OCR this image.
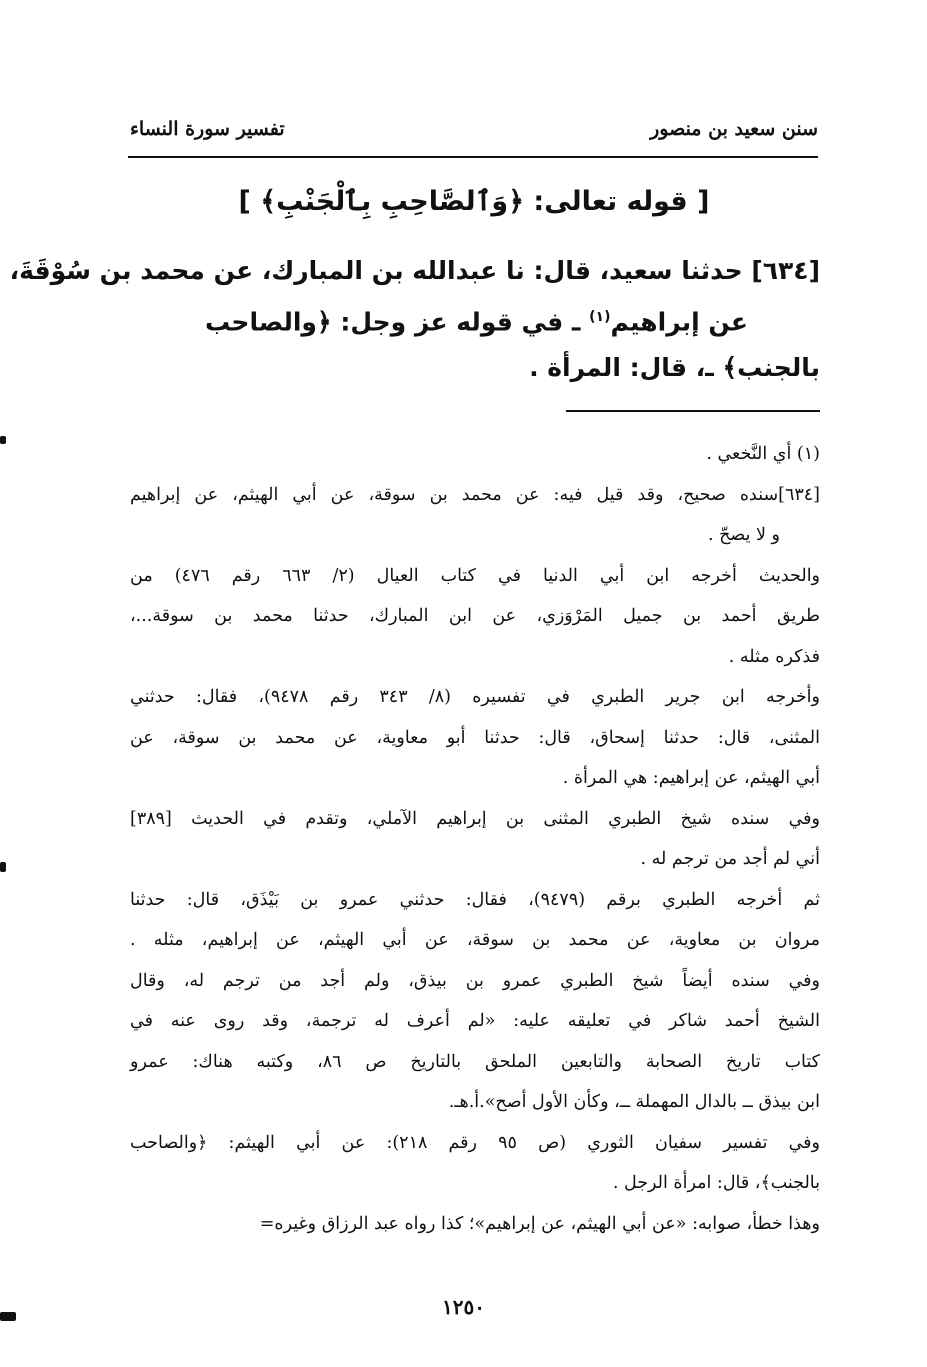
سنن سعيد بن منصور
تفسير سورة النساء
[ قوله تعالى: ﴿وَٱلصَّاحِبِ بِٱلْجَنْبِ﴾ ]
[٦٣٤] حدثنا سعيد، قال: نا عبدالله بن المبارك، عن محمد بن سُوْقَةَ،
عن إبراهيم$^{(١)}$ ـ في قوله عز وجل: ﴿والصاحب
بالجنب﴾ ـ، قال: المرأة .
(١) أي النَّخعي .
[٦٣٤]سنده صحيح، وقد قيل فيه: عن محمد بن سوقة، عن أبي الهيثم، عن إبراهيم
و لا يصحّ .
والحديث أخرجه ابن أبي الدنيا في كتاب العيال (٢/ ٦٦٣ رقم ٤٧٦) من
طريق أحمد بن جميل المَرْوَزي، عن ابن المبارك، حدثنا محمد بن سوقة...،
فذكره مثله .
وأخرجه ابن جرير الطبري في تفسيره (٨/ ٣٤٣ رقم ٩٤٧٨)، فقال: حدثني
المثنى، قال: حدثنا إسحاق، قال: حدثنا أبو معاوية، عن محمد بن سوقة، عن
أبي الهيثم، عن إبراهيم: هي المرأة .
وفي سنده شيخ الطبري المثنى بن إبراهيم الآملي، وتقدم في الحديث [٣٨٩]
أني لم أجد من ترجم له .
ثم أخرجه الطبري برقم (٩٤٧٩)، فقال: حدثني عمرو بن بَيْذَق، قال: حدثنا
مروان بن معاوية، عن محمد بن سوقة، عن أبي الهيثم، عن إبراهيم، مثله .
وفي سنده أيضاً شيخ الطبري عمرو بن بيذق، ولم أجد من ترجم له، وقال
الشيخ أحمد شاكر في تعليقه عليه: «لم أعرف له ترجمة، وقد روى عنه في
كتاب تاريخ الصحابة والتابعين الملحق بالتاريخ ص ٨٦، وكتبه هناك: عمرو
ابن بيذق ــ بالدال المهملة ــ، وكأن الأول أصح».أ.هـ.
وفي تفسير سفيان الثوري (ص ٩٥ رقم ٢١٨): عن أبي الهيثم: ﴿والصاحب
بالجنب﴾، قال: امرأة الرجل .
وهذا خطأ، صوابه: «عن أبي الهيثم، عن إبراهيم»؛ كذا رواه عبد الرزاق وغيره=
١٢٥٠
